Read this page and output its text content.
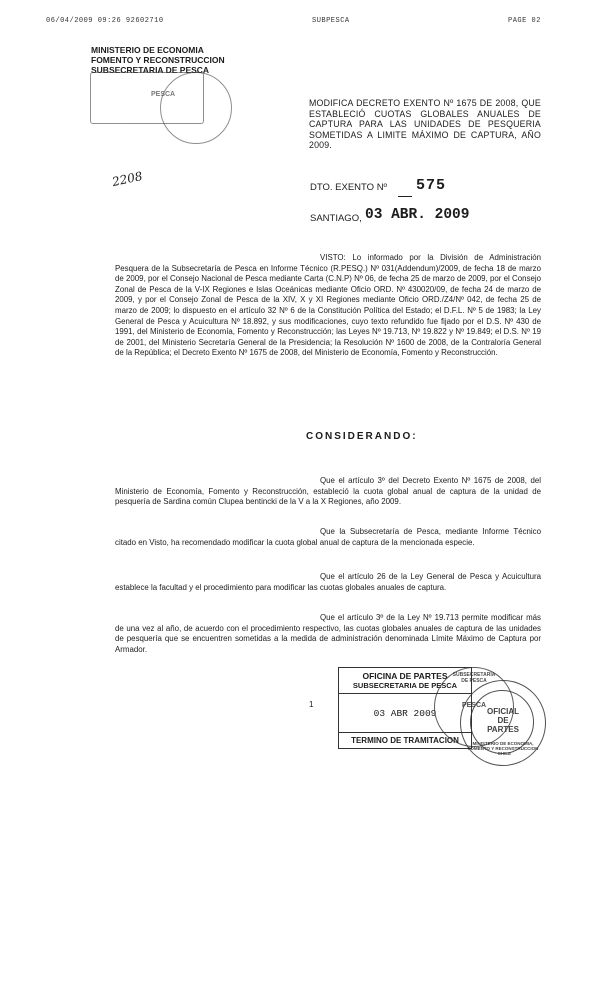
06/04/2009 09:26 92602710	SUBPESCA	PAGE 02
MINISTERIO DE ECONOMIA
FOMENTO Y RECONSTRUCCION
SUBSECRETARIA DE PESCA
PESCA
MODIFICA DECRETO EXENTO Nº 1675 DE 2008, QUE ESTABLECIÓ CUOTAS GLOBALES ANUALES DE CAPTURA PARA LAS UNIDADES DE PESQUERIA SOMETIDAS A LIMITE MÁXIMO DE CAPTURA, AÑO 2009.
2208	DTO. EXENTO Nº 575
SANTIAGO, 03 ABR. 2009
VISTO: Lo informado por la División de Administración Pesquera de la Subsecretaría de Pesca en Informe Técnico (R.PESQ.) Nº 031(Addendum)/2009, de fecha 18 de marzo de 2009, por el Consejo Nacional de Pesca mediante Carta (C.N.P) Nº 06, de fecha 25 de marzo de 2009, por el Consejo Zonal de Pesca de la V-IX Regiones e Islas Oceánicas mediante Oficio ORD. Nº 430020/09, de fecha 24 de marzo de 2009, y por el Consejo Zonal de Pesca de la XIV, X y XI Regiones mediante Oficio ORD./Z4/Nº 042, de fecha 25 de marzo de 2009; lo dispuesto en el artículo 32 Nº 6 de la Constitución Política del Estado; el D.F.L. Nº 5 de 1983; la Ley General de Pesca y Acuicultura Nº 18.892, y sus modificaciones, cuyo texto refundido fue fijado por el D.S. Nº 430 de 1991, del Ministerio de Economía, Fomento y Reconstrucción; las Leyes Nº 19.713, Nº 19.822 y Nº 19.849; el D.S. Nº 19 de 2001, del Ministerio Secretaría General de la Presidencia; la Resolución Nº 1600 de 2008, de la Contraloría General de la República; el Decreto Exento Nº 1675 de 2008, del Ministerio de Economía, Fomento y Reconstrucción.
CONSIDERANDO:
Que el artículo 3º del Decreto Exento Nº 1675 de 2008, del Ministerio de Economía, Fomento y Reconstrucción, estableció la cuota global anual de captura de la unidad de pesquería de Sardina común Clupea bentincki de la V a la X Regiones, año 2009.
Que la Subsecretaría de Pesca, mediante Informe Técnico citado en Visto, ha recomendado modificar la cuota global anual de captura de la mencionada especie.
Que el artículo 26 de la Ley General de Pesca y Acuicultura establece la facultad y el procedimiento para modificar las cuotas globales anuales de captura.
Que el artículo 3º de la Ley Nº 19.713 permite modificar más de una vez al año, de acuerdo con el procedimiento respectivo, las cuotas globales anuales de captura de las unidades de pesquería que se encuentren sometidas a la medida de administración denominada Límite Máximo de Captura por Armador.
1
OFICINA DE PARTES
SUBSECRETARIA DE PESCA
03 ABR 2009
TERMINO DE TRAMITACION
SUBSECRETARIA DE PESCA
PESCA
MINISTERIO DE ECONOMIA, FOMENTO Y RECONSTRUCCION · CHILE
OFICIAL
DE
PARTES
